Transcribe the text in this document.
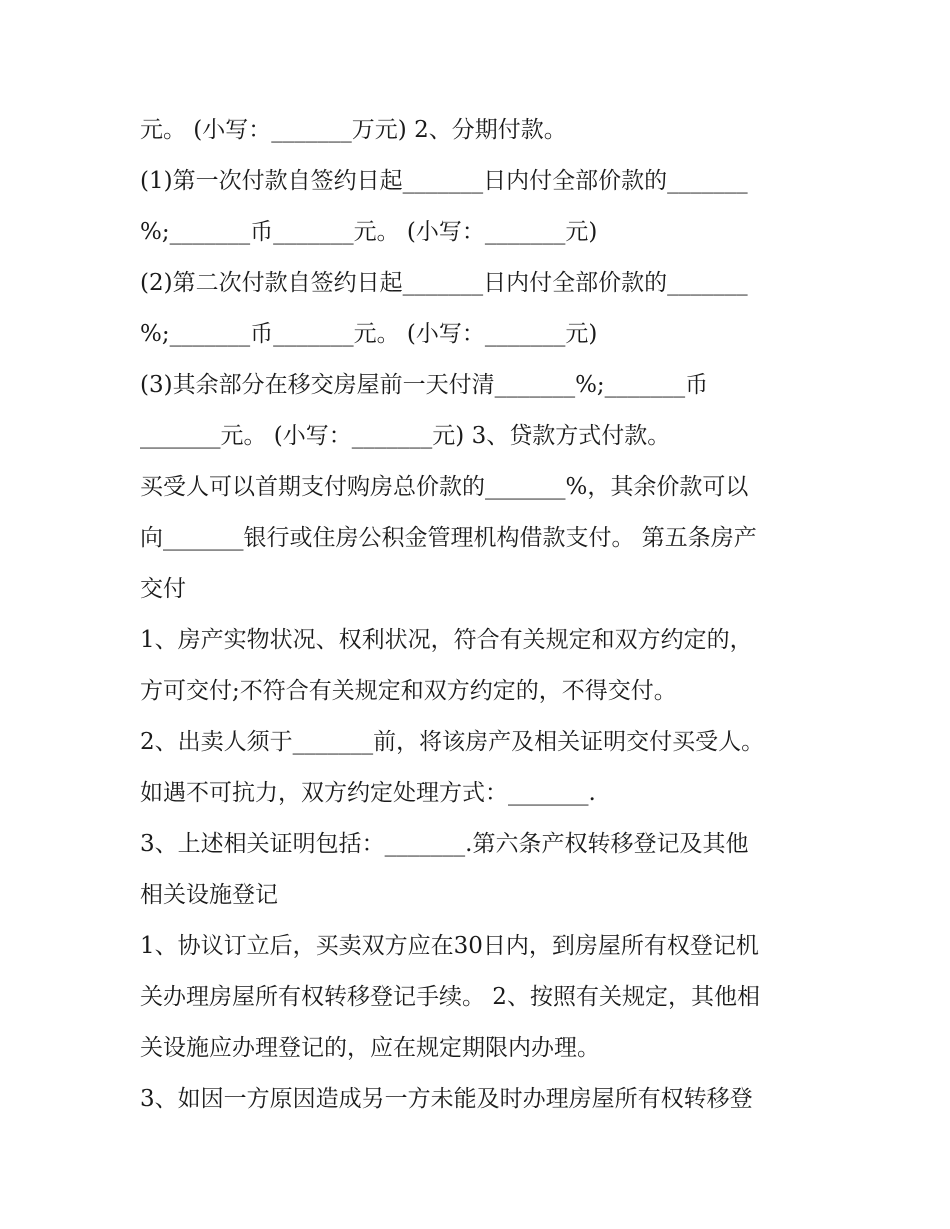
元。 (小写：_______万元) 2、分期付款。
(1)第一次付款自签约日起_______日内付全部价款的_______
%;_______币_______元。 (小写：_______元)
(2)第二次付款自签约日起_______日内付全部价款的_______
%;_______币_______元。 (小写：_______元)
(3)其余部分在移交房屋前一天付清_______%;_______币
_______元。 (小写：_______元) 3、贷款方式付款。
买受人可以首期支付购房总价款的_______%，其余价款可以
向_______银行或住房公积金管理机构借款支付。 第五条房产
交付
1、房产实物状况、权利状况，符合有关规定和双方约定的，
方可交付;不符合有关规定和双方约定的，不得交付。
2、出卖人须于_______前，将该房产及相关证明交付买受人。
如遇不可抗力，双方约定处理方式：_______.
3、上述相关证明包括：_______.第六条产权转移登记及其他
相关设施登记
1、协议订立后，买卖双方应在30日内，到房屋所有权登记机
关办理房屋所有权转移登记手续。 2、按照有关规定，其他相
关设施应办理登记的，应在规定期限内办理。
3、如因一方原因造成另一方未能及时办理房屋所有权转移登
